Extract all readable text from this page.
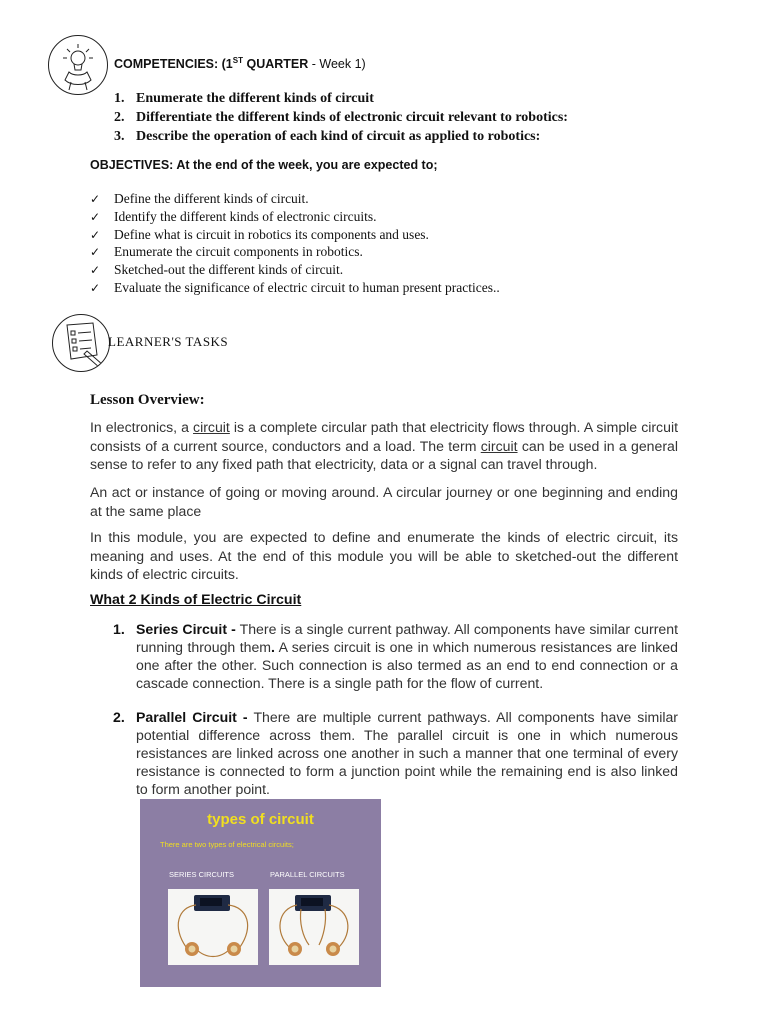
COMPETENCIES: (1ST QUARTER - Week 1)
1. Enumerate the different kinds of circuit
2. Differentiate the different kinds of electronic circuit relevant to robotics:
3. Describe the operation of each kind of circuit as applied to robotics:
OBJECTIVES: At the end of the week, you are expected to;
✓ Define the different kinds of circuit.
✓ Identify the different kinds of electronic circuits.
✓ Define what is circuit in robotics its components and uses.
✓ Enumerate the circuit components in robotics.
✓ Sketched-out the different kinds of circuit.
✓ Evaluate the significance of electric circuit to human present practices..
LEARNER'S TASKS
Lesson Overview:

In electronics, a circuit is a complete circular path that electricity flows through. A simple circuit consists of a current source, conductors and a load. The term circuit can be used in a general sense to refer to any fixed path that electricity, data or a signal can travel through.

An act or instance of going or moving around. A circular journey or one beginning and ending at the same place

In this module, you are expected to define and enumerate the kinds of electric circuit, its meaning and uses. At the end of this module you will be able to sketched-out the different kinds of electric circuits.

What 2 Kinds of Electric Circuit
1. Series Circuit - There is a single current pathway. All components have similar current running through them. A series circuit is one in which numerous resistances are linked one after the other. Such connection is also termed as an end to end connection or a cascade connection. There is a single path for the flow of current.
2. Parallel Circuit - There are multiple current pathways. All components have similar potential difference across them. The parallel circuit is one in which numerous resistances are linked across one another in such a manner that one terminal of every resistance is connected to form a junction point while the remaining end is also linked to form another point.
types of circuit
There are two types of electrical circuits;
SERIES CIRCUITS	PARALLEL CIRCUITS
